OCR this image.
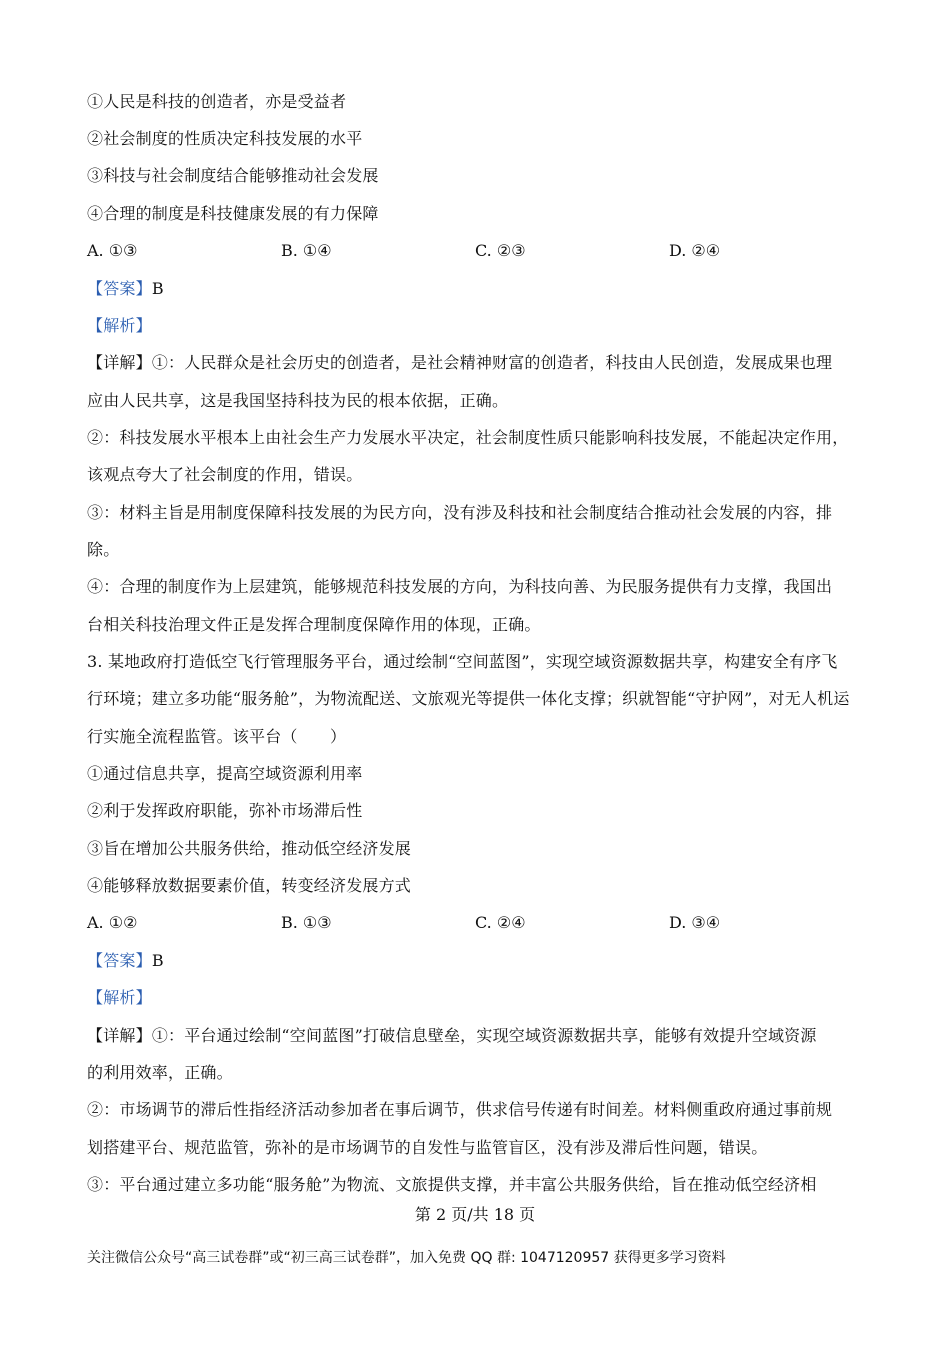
①人民是科技的创造者，亦是受益者
②社会制度的性质决定科技发展的水平
③科技与社会制度结合能够推动社会发展
④合理的制度是科技健康发展的有力保障
A. ①③	B. ①④	C. ②③	D. ②④
【答案】B
【解析】
【详解】①：人民群众是社会历史的创造者，是社会精神财富的创造者，科技由人民创造，发展成果也理
应由人民共享，这是我国坚持科技为民的根本依据，正确。
②：科技发展水平根本上由社会生产力发展水平决定，社会制度性质只能影响科技发展，不能起决定作用，
该观点夸大了社会制度的作用，错误。
③：材料主旨是用制度保障科技发展的为民方向，没有涉及科技和社会制度结合推动社会发展的内容，排
除。
④：合理的制度作为上层建筑，能够规范科技发展的方向，为科技向善、为民服务提供有力支撑，我国出
台相关科技治理文件正是发挥合理制度保障作用的体现，正确。
3. 某地政府打造低空飞行管理服务平台，通过绘制“空间蓝图”，实现空域资源数据共享，构建安全有序飞
行环境；建立多功能“服务舱”，为物流配送、文旅观光等提供一体化支撑；织就智能“守护网”，对无人机运
行实施全流程监管。该平台（　　）
①通过信息共享，提高空域资源利用率
②利于发挥政府职能，弥补市场滞后性
③旨在增加公共服务供给，推动低空经济发展
④能够释放数据要素价值，转变经济发展方式
A. ①②	B. ①③	C. ②④	D. ③④
【答案】B
【解析】
【详解】①：平台通过绘制“空间蓝图”打破信息壁垒，实现空域资源数据共享，能够有效提升空域资源
的利用效率，正确。
②：市场调节的滞后性指经济活动参加者在事后调节，供求信号传递有时间差。材料侧重政府通过事前规
划搭建平台、规范监管，弥补的是市场调节的自发性与监管盲区，没有涉及滞后性问题，错误。
③：平台通过建立多功能“服务舱”为物流、文旅提供支撑，并丰富公共服务供给，旨在推动低空经济相
第 2 页/共 18 页
关注微信公众号“高三试卷群”或“初三高三试卷群”，加入免费 QQ 群: 1047120957 获得更多学习资料
